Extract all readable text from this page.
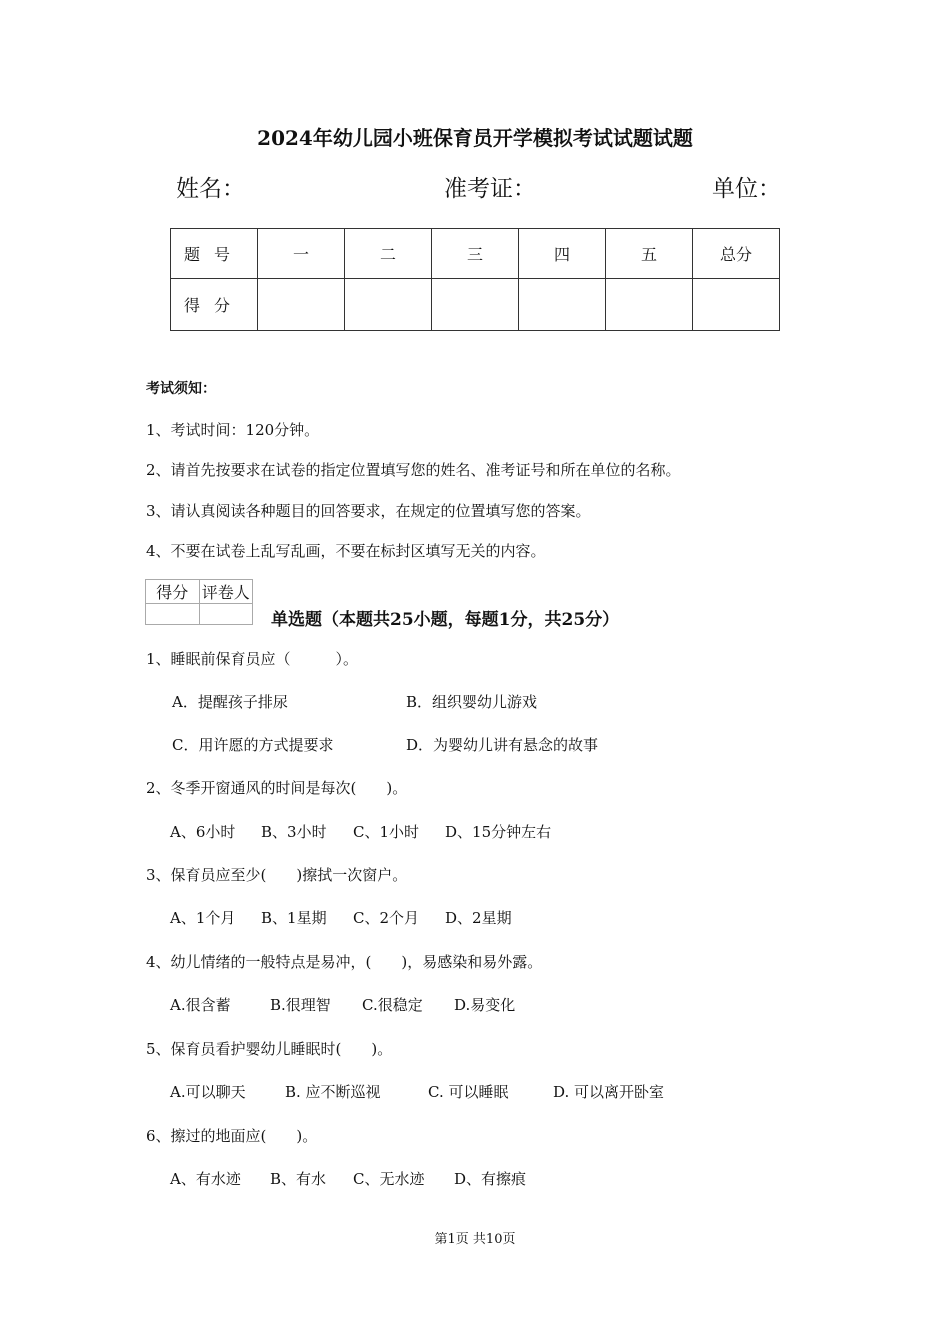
2024年幼儿园小班保育员开学模拟考试试题试题
姓名：	准考证：	单位：
题号	一	二	三	四	五	总分
得分						
考试须知：
1、考试时间：120分钟。
2、请首先按要求在试卷的指定位置填写您的姓名、准考证号和所在单位的名称。
3、请认真阅读各种题目的回答要求，在规定的位置填写您的答案。
4、不要在试卷上乱写乱画，不要在标封区填写无关的内容。
得分	评卷人

单选题（本题共25小题，每题1分，共25分）
1、睡眠前保育员应（　　　）。
A．提醒孩子排尿	B．组织婴幼儿游戏
C．用许愿的方式提要求	D．为婴幼儿讲有悬念的故事
2、冬季开窗通风的时间是每次(　　)。
A、6小时 B、3小时 C、1小时 D、15分钟左右
3、保育员应至少(　　)擦拭一次窗户。
A、1个月 B、1星期 C、2个月 D、2星期
4、幼儿情绪的一般特点是易冲，(　　)，易感染和易外露。
A.很含蓄	B.很理智 C.很稳定 D.易变化
5、保育员看护婴幼儿睡眠时(　　)。
A.可以聊天	B. 应不断巡视	C. 可以睡眠	D. 可以离开卧室
6、擦过的地面应(　　)。
A、有水迹 B、有水 C、无水迹 D、有擦痕
第1页 共10页
